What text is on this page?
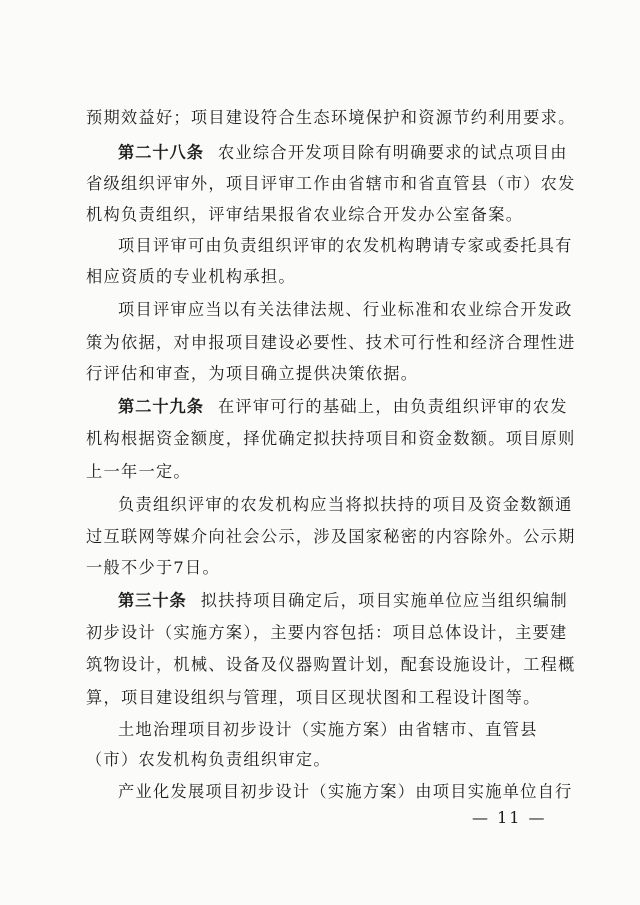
预期效益好；项目建设符合生态环境保护和资源节约利用要求。
第二十八条 农业综合开发项目除有明确要求的试点项目由
省级组织评审外，项目评审工作由省辖市和省直管县（市）农发
机构负责组织，评审结果报省农业综合开发办公室备案。
项目评审可由负责组织评审的农发机构聘请专家或委托具有
相应资质的专业机构承担。
项目评审应当以有关法律法规、行业标准和农业综合开发政
策为依据，对申报项目建设必要性、技术可行性和经济合理性进
行评估和审查，为项目确立提供决策依据。
第二十九条 在评审可行的基础上，由负责组织评审的农发
机构根据资金额度，择优确定拟扶持项目和资金数额。项目原则
上一年一定。
负责组织评审的农发机构应当将拟扶持的项目及资金数额通
过互联网等媒介向社会公示，涉及国家秘密的内容除外。公示期
一般不少于7日。
第三十条 拟扶持项目确定后，项目实施单位应当组织编制
初步设计（实施方案），主要内容包括：项目总体设计，主要建
筑物设计，机械、设备及仪器购置计划，配套设施设计，工程概
算，项目建设组织与管理，项目区现状图和工程设计图等。
土地治理项目初步设计（实施方案）由省辖市、直管县
（市）农发机构负责组织审定。
产业化发展项目初步设计（实施方案）由项目实施单位自行
— 11 —
